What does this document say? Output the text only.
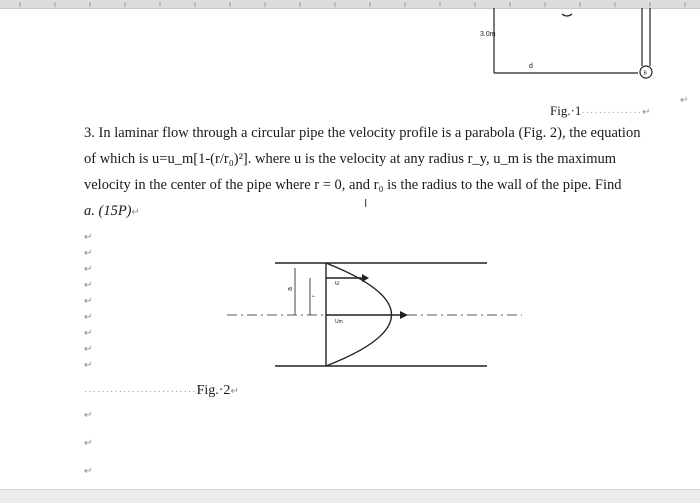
3.0m
d
B
Fig.·1··············↵
↵

3. In laminar flow through a circular pipe the velocity profile is a parabola (Fig. 2), the equation

of which is u=u_m[1-(r/r₀)²]. where u is the velocity at any radius r_y, u_m is the maximum

velocity in the center of the pipe where r = 0, and r₀ is the radius to the wall of the pipe. Find

a. (15P)↵

I
↵
↵
↵
↵
↵
↵
↵
↵
↵
u
Um
a
r
··························Fig.·2↵
↵
↵
↵
